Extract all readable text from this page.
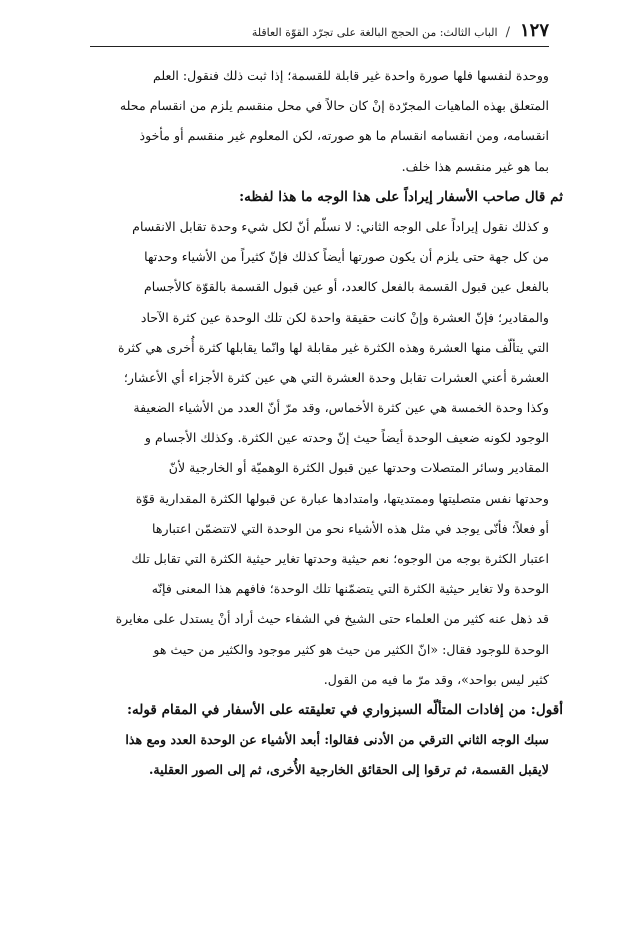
١٢٧
/
الباب الثالث: من الحجج البالغة على تجرّد القوّة العاقلة
ووحدة لنفسها فلها صورة واحدة غير قابلة للقسمة؛ إذا ثبت ذلك فنقول: العلم
المتعلق بهذه الماهيات المجرّدة إنْ كان حالاً في محل منقسم يلزم من انقسام محله
انقسامه، ومن انقسامه انقسام ما هو صورته، لكن المعلوم غير منقسم أو مأخوذ
بما هو غير منقسم هذا خلف.
ثم قال صاحب الأسفار إيراداً على هذا الوجه ما هذا لفظه:
و كذلك نقول إيراداً على الوجه الثاني: لا نسلّم أنّ لكل شيء وحدة تقابل الانقسام
من كل جهة حتى يلزم أن يكون صورتها أيضاً كذلك فإنّ كثيراً من الأشياء وحدتها
بالفعل عين قبول القسمة بالفعل كالعدد، أو عين قبول القسمة بالقوّة كالأجسام
والمقادير؛ فإنّ العشرة وإنْ كانت حقيقة واحدة لكن تلك الوحدة عين كثرة الآحاد
التي يتألّف منها العشرة وهذه الكثرة غير مقابلة لها وانّما يقابلها كثرة أُخرى هي كثرة
العشرة أعني العشرات تقابل وحدة العشرة التي هي عين كثرة الأجزاء أي الأعشار؛
وكذا وحدة الخمسة هي عين كثرة الأخماس، وقد مرّ أنّ العدد من الأشياء الضعيفة
الوجود لكونه ضعيف الوحدة أيضاً حيث إنّ وحدته عين الكثرة. وكذلك الأجسام و
المقادير وسائر المتصلات وحدتها عين قبول الكثرة الوهميّة أو الخارجية لأنّ
وحدتها نفس متصليتها وممتديتها، وامتدادها عبارة عن قبولها الكثرة المقدارية قوّة
أو فعلاً؛ فأنّى يوجد في مثل هذه الأشياء نحو من الوحدة التي لاتتضمّن اعتبارها
اعتبار الكثرة بوجه من الوجوه؛ نعم حيثية وحدتها تغاير حيثية الكثرة التي تقابل تلك
الوحدة ولا تغاير حيثية الكثرة التي يتضمّنها تلك الوحدة؛ فافهم هذا المعنى فإنّه
قد ذهل عنه كثير من العلماء حتى الشيخ في الشفاء حيث أراد أنْ يستدل على مغايرة
الوحدة للوجود فقال: «انّ الكثير من حيث هو كثير موجود والكثير من حيث هو
كثير ليس بواحد»، وقد مرّ ما فيه من القول.
أقول: من إفادات المتألّه السبزواري في تعليقته على الأسفار في المقام قوله:
سبك الوجه الثاني الترقي من الأدنى فقالوا: أبعد الأشياء عن الوحدة العدد ومع هذا
لايقبل القسمة، ثم ترقوا إلى الحقائق الخارجية الأُخرى، ثم إلى الصور العقلية.
